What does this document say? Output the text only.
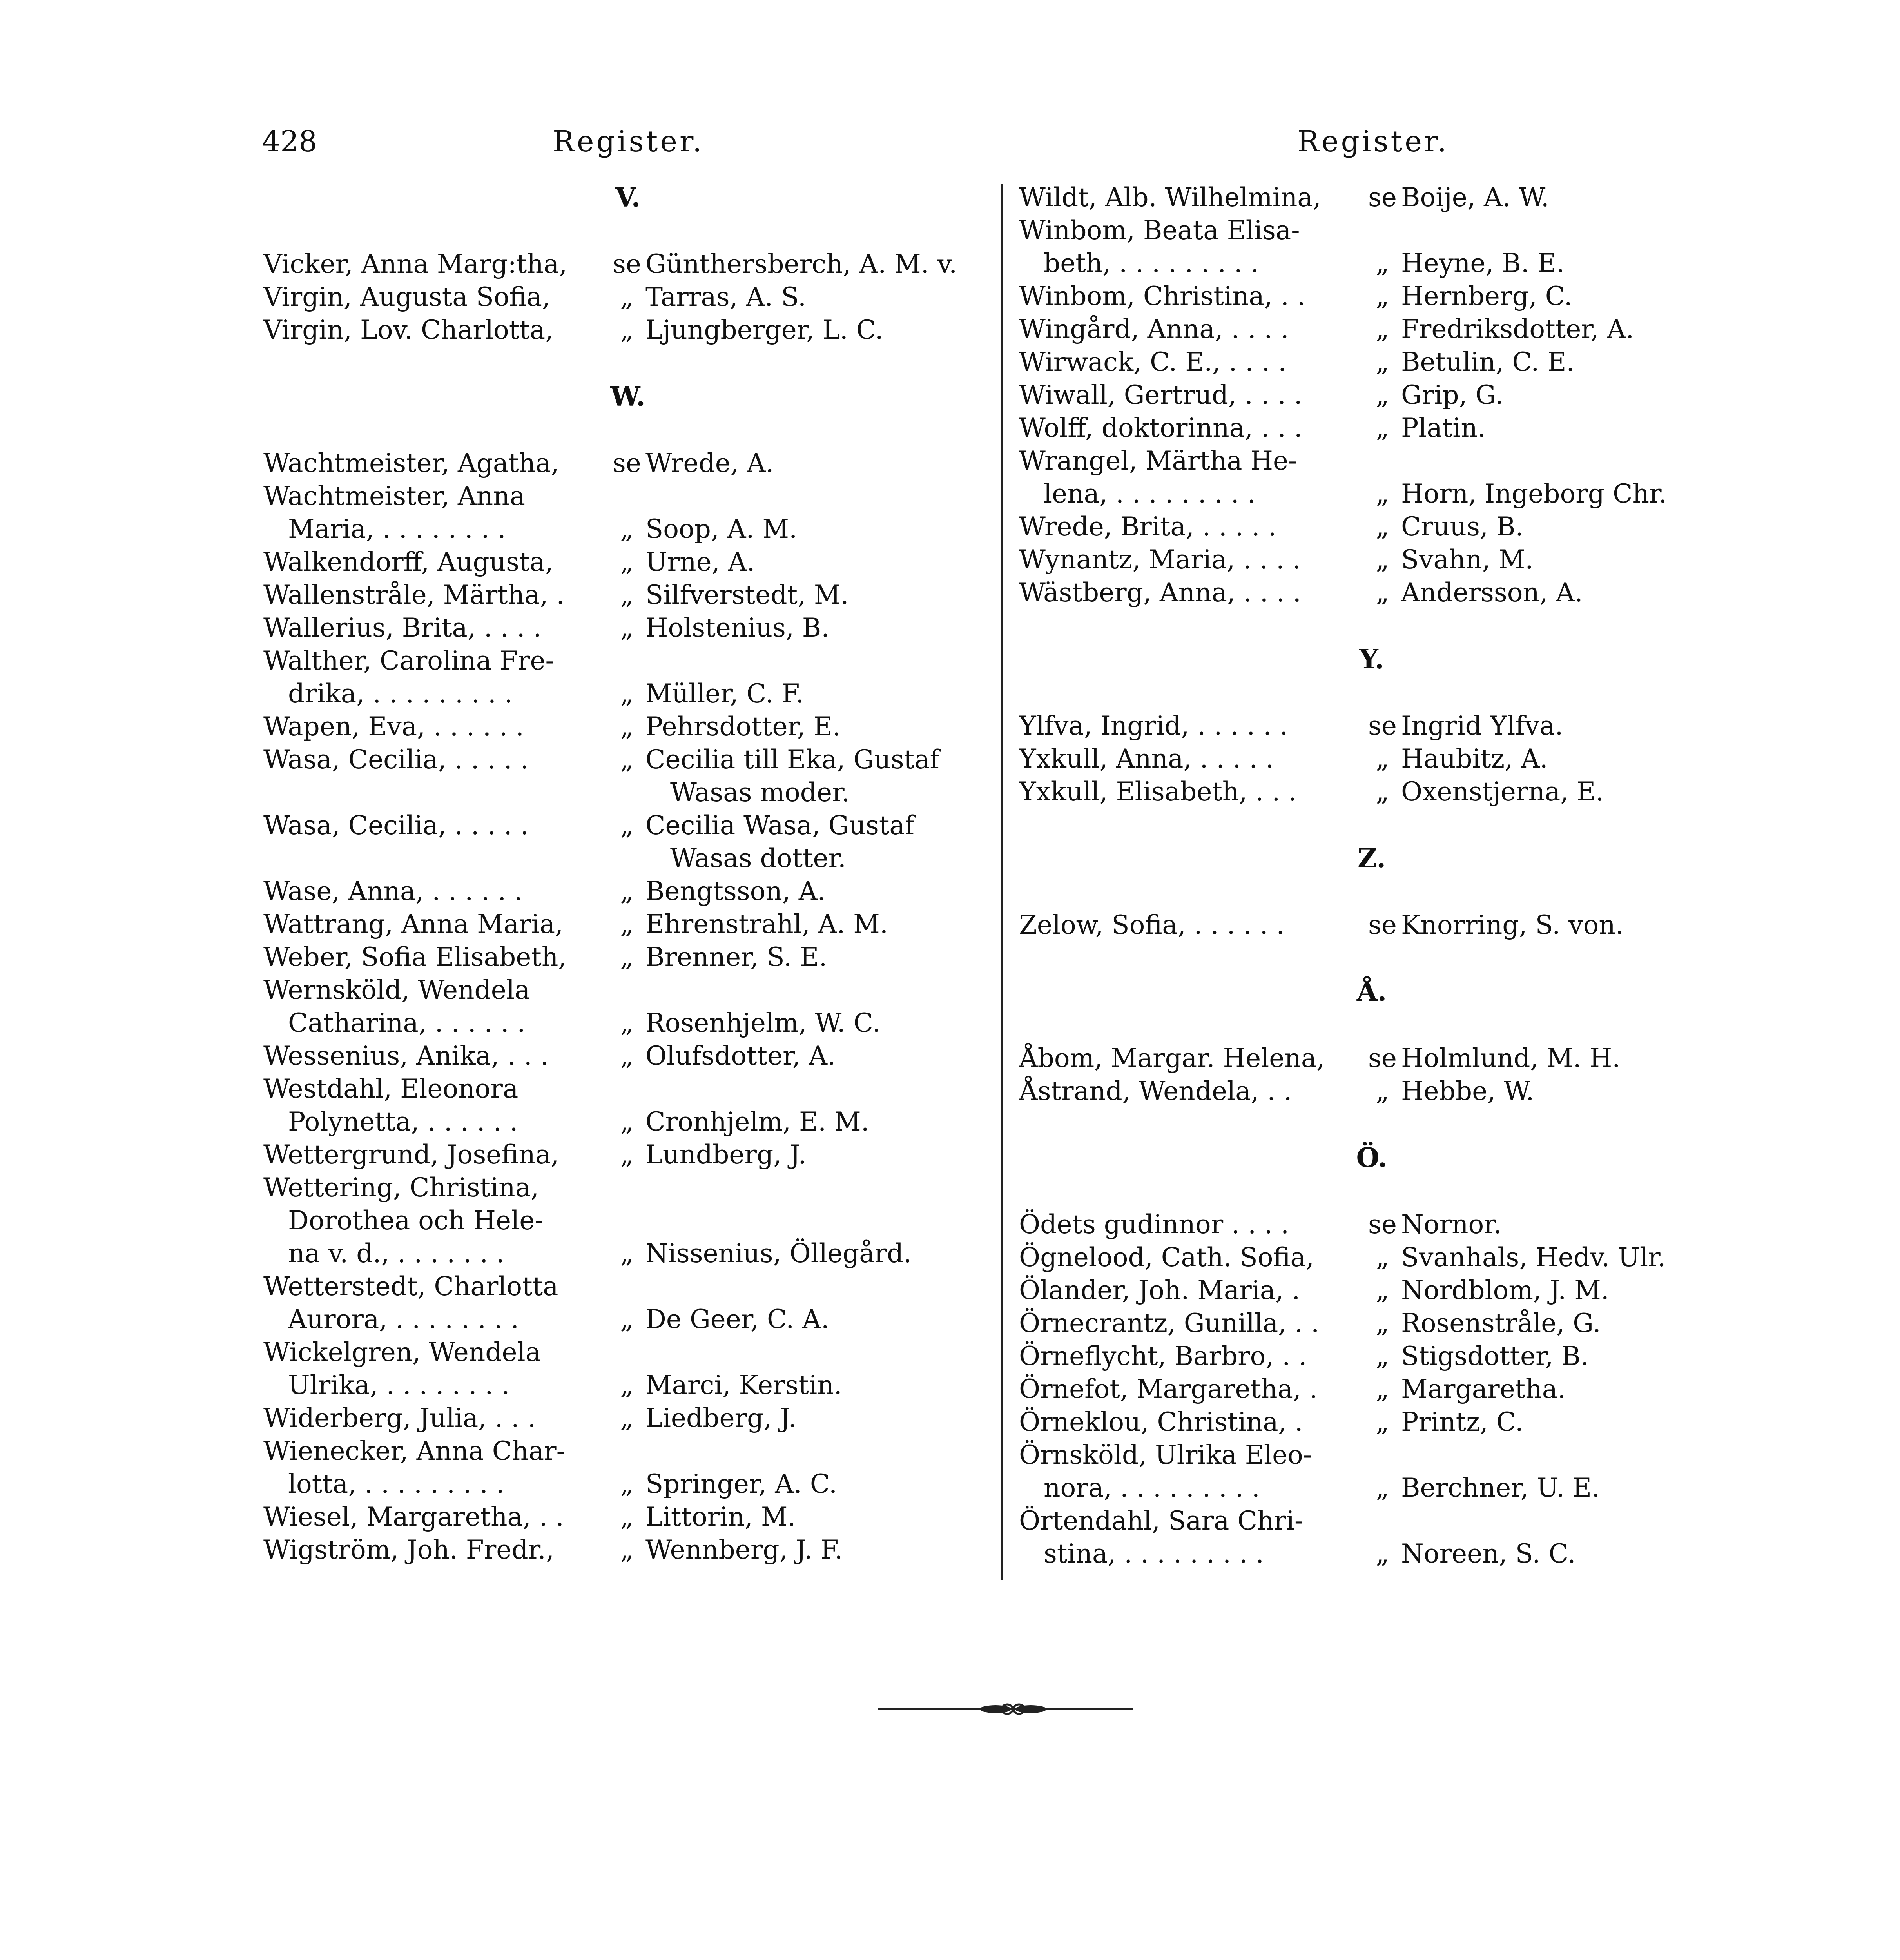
428	Register.	Register.
V.
Vicker, Anna Marg:tha,	se Günthersberch, A. M. v.
Virgin, Augusta Sofia,	„ Tarras, A. S.
Virgin, Lov. Charlotta,	„ Ljungberger, L. C.
W.
Wachtmeister, Agatha,	se Wrede, A.
Wachtmeister, Anna
Maria, . . . . . . . .	„ Soop, A. M.
Walkendorff, Augusta,	„ Urne, A.
Wallenstråle, Märtha, .	„ Silfverstedt, M.
Wallerius, Brita, . . . .	„ Holstenius, B.
Walther, Carolina Fre-
drika, . . . . . . . . .	„ Müller, C. F.
Wapen, Eva, . . . . . .	„ Pehrsdotter, E.
Wasa, Cecilia, . . . . .	„ Cecilia till Eka, Gustaf
Wasas moder.
Wasa, Cecilia, . . . . .	„ Cecilia Wasa, Gustaf
Wasas dotter.
Wase, Anna, . . . . . .	„ Bengtsson, A.
Wattrang, Anna Maria,	„ Ehrenstrahl, A. M.
Weber, Sofia Elisabeth,	„ Brenner, S. E.
Wernsköld, Wendela
Catharina, . . . . . .	„ Rosenhjelm, W. C.
Wessenius, Anika, . . .	„ Olufsdotter, A.
Westdahl, Eleonora
Polynetta, . . . . . .	„ Cronhjelm, E. M.
Wettergrund, Josefina,	„ Lundberg, J.
Wettering, Christina,
Dorothea och Hele-
na v. d., . . . . . . .	„ Nissenius, Öllegård.
Wetterstedt, Charlotta
Aurora, . . . . . . . .	„ De Geer, C. A.
Wickelgren, Wendela
Ulrika, . . . . . . . .	„ Marci, Kerstin.
Widerberg, Julia, . . .	„ Liedberg, J.
Wienecker, Anna Char-
lotta, . . . . . . . . .	„ Springer, A. C.
Wiesel, Margaretha, . .	„ Littorin, M.
Wigström, Joh. Fredr.,	„ Wennberg, J. F.
Wildt, Alb. Wilhelmina,	se Boije, A. W.
Winbom, Beata Elisa-
beth, . . . . . . . . .	„ Heyne, B. E.
Winbom, Christina, . .	„ Hernberg, C.
Wingård, Anna, . . . .	„ Fredriksdotter, A.
Wirwack, C. E., . . . .	„ Betulin, C. E.
Wiwall, Gertrud, . . . .	„ Grip, G.
Wolff, doktorinna, . . .	„ Platin.
Wrangel, Märtha He-
lena, . . . . . . . . .	„ Horn, Ingeborg Chr.
Wrede, Brita, . . . . .	„ Cruus, B.
Wynantz, Maria, . . . .	„ Svahn, M.
Wästberg, Anna, . . . .	„ Andersson, A.
Y.
Ylfva, Ingrid, . . . . . .	se Ingrid Ylfva.
Yxkull, Anna, . . . . .	„ Haubitz, A.
Yxkull, Elisabeth, . . .	„ Oxenstjerna, E.
Z.
Zelow, Sofia, . . . . . .	se Knorring, S. von.
Å.
Åbom, Margar. Helena,	se Holmlund, M. H.
Åstrand, Wendela, . .	„ Hebbe, W.
Ö.
Ödets gudinnor . . . .	se Nornor.
Ögnelood, Cath. Sofia,	„ Svanhals, Hedv. Ulr.
Ölander, Joh. Maria, .	„ Nordblom, J. M.
Örnecrantz, Gunilla, . .	„ Rosenstråle, G.
Örneflycht, Barbro, . .	„ Stigsdotter, B.
Örnefot, Margaretha, .	„ Margaretha.
Örneklou, Christina, .	„ Printz, C.
Örnsköld, Ulrika Eleo-
nora, . . . . . . . . .	„ Berchner, U. E.
Örtendahl, Sara Chri-
stina, . . . . . . . . .	„ Noreen, S. C.
